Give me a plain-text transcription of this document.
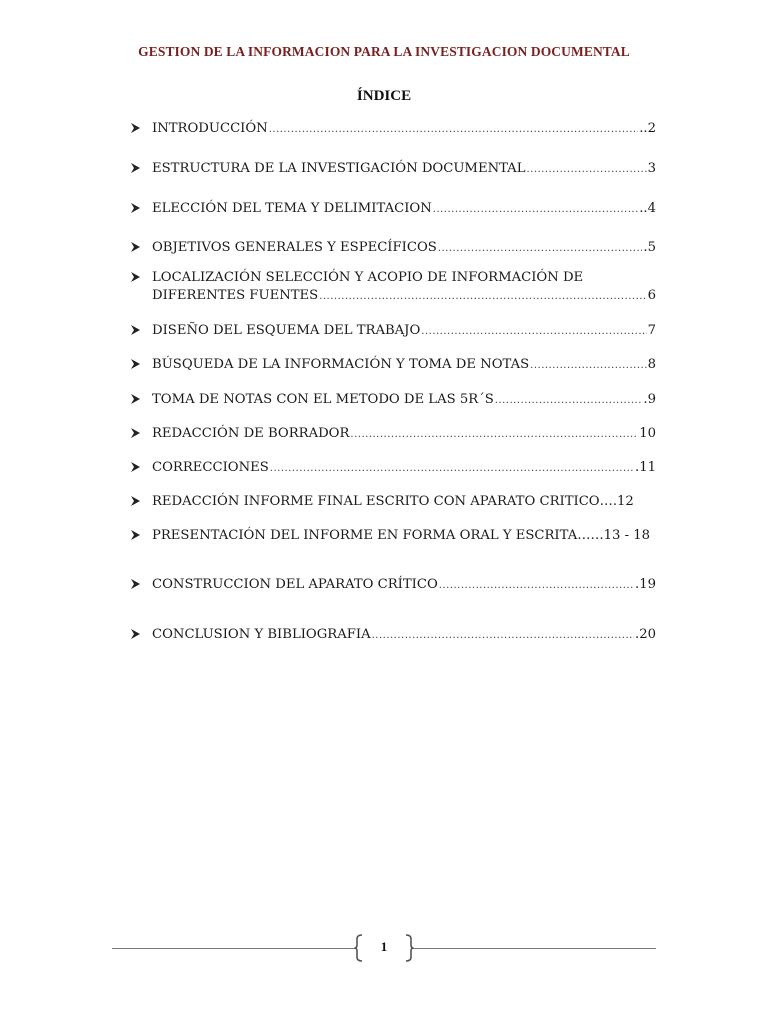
GESTION DE LA INFORMACION PARA LA INVESTIGACION DOCUMENTAL
ÍNDICE
INTRODUCCIÓN .....	..2
ESTRUCTURA DE LA INVESTIGACIÓN DOCUMENTAL .....	3
ELECCIÓN DEL TEMA Y DELIMITACION .....	..4
OBJETIVOS GENERALES Y ESPECÍFICOS .....	.5
LOCALIZACIÓN SELECCIÓN Y ACOPIO DE INFORMACIÓN DE
DIFERENTES FUENTES .....	6
DISEÑO DEL ESQUEMA DEL TRABAJO .....	7
BÚSQUEDA DE LA INFORMACIÓN Y TOMA DE NOTAS .....	8
TOMA DE NOTAS CON EL METODO DE LAS 5R´S .....	.9
REDACCIÓN DE BORRADOR .....	10
CORRECCIONES .....	.11
REDACCIÓN INFORME FINAL ESCRITO CON APARATO CRITICO ….12
PRESENTACIÓN DEL INFORME EN FORMA ORAL Y ESCRITA ……13 - 18
CONSTRUCCION DEL APARATO CRÍTICO .....	.19
CONCLUSION Y BIBLIOGRAFIA .....	.20
1
